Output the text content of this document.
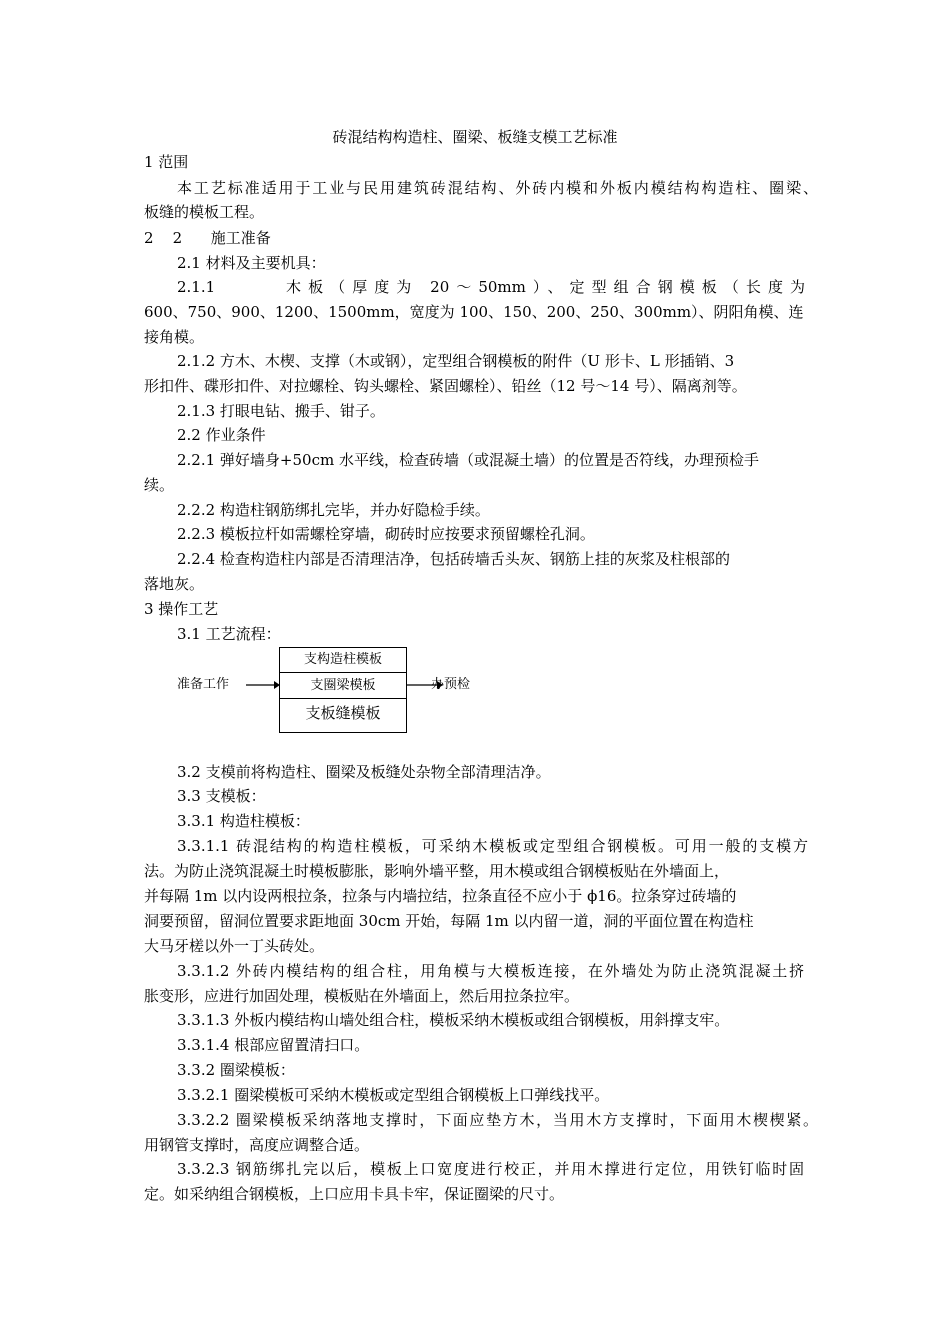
砖混结构构造柱、圈梁、板缝支模工艺标准
1 范围
本工艺标准适用于工业与民用建筑砖混结构、外砖内模和外板内模结构构造柱、圈梁、
板缝的模板工程。
2    2      施工准备
2.1 材料及主要机具：
2.1.1      木板（厚度为 20～50mm）、定型组合钢模板（长度为
600、750、900、1200、1500mm，宽度为 100、150、200、250、300mm）、阴阳角模、连
接角模。
2.1.2 方木、木楔、支撑（木或钢），定型组合钢模板的附件（U 形卡、L 形插销、3
形扣件、碟形扣件、对拉螺栓、钩头螺栓、紧固螺栓）、铅丝（12 号～14 号）、隔离剂等。
2.1.3 打眼电钻、搬手、钳子。
2.2 作业条件
2.2.1 弹好墙身+50cm 水平线，检查砖墙（或混凝土墙）的位置是否符线，办理预检手
续。
2.2.2 构造柱钢筋绑扎完毕，并办好隐检手续。
2.2.3 模板拉杆如需螺栓穿墙，砌砖时应按要求预留螺栓孔洞。
2.2.4 检查构造柱内部是否清理洁净，包括砖墙舌头灰、钢筋上挂的灰浆及柱根部的
落地灰。
3 操作工艺
3.1 工艺流程：
准备工作
支构造柱模板
支圈梁模板
支板缝模板
办预检
3.2 支模前将构造柱、圈梁及板缝处杂物全部清理洁净。
3.3 支模板：
3.3.1 构造柱模板：
3.3.1.1 砖混结构的构造柱模板，可采纳木模板或定型组合钢模板。可用一般的支模方
法。为防止浇筑混凝土时模板膨胀，影响外墙平整，用木模或组合钢模板贴在外墙面上，
并每隔 1m 以内设两根拉条，拉条与内墙拉结，拉条直径不应小于 ϕ16。拉条穿过砖墙的
洞要预留，留洞位置要求距地面 30cm 开始，每隔 1m 以内留一道，洞的平面位置在构造柱
大马牙槎以外一丁头砖处。
3.3.1.2 外砖内模结构的组合柱，用角模与大模板连接，在外墙处为防止浇筑混凝土挤
胀变形，应进行加固处理，模板贴在外墙面上，然后用拉条拉牢。
3.3.1.3 外板内模结构山墙处组合柱，模板采纳木模板或组合钢模板，用斜撑支牢。
3.3.1.4 根部应留置清扫口。
3.3.2 圈梁模板：
3.3.2.1 圈梁模板可采纳木模板或定型组合钢模板上口弹线找平。
3.3.2.2 圈梁模板采纳落地支撑时，下面应垫方木，当用木方支撑时，下面用木楔楔紧。
用钢管支撑时，高度应调整合适。
3.3.2.3 钢筋绑扎完以后，模板上口宽度进行校正，并用木撑进行定位，用铁钉临时固
定。如采纳组合钢模板，上口应用卡具卡牢，保证圈梁的尺寸。
